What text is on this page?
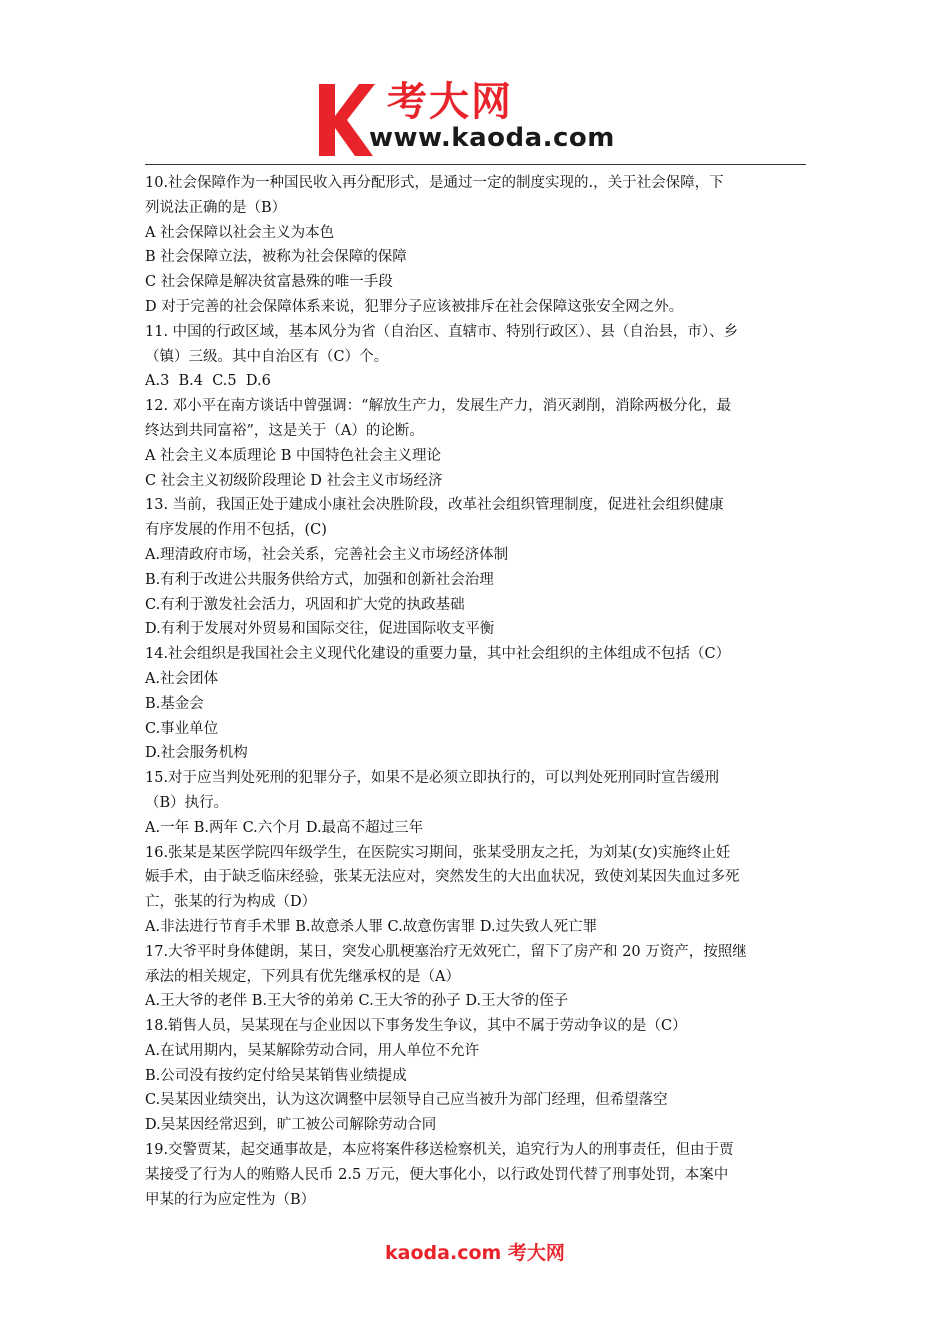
考大网
www.kaoda.com
10.社会保障作为一种国民收入再分配形式，是通过一定的制度实现的.，关于社会保障，下
列说法正确的是（B）
A 社会保障以社会主义为本色
B 社会保障立法，被称为社会保障的保障
C 社会保障是解决贫富悬殊的唯一手段
D 对于完善的社会保障体系来说，犯罪分子应该被排斥在社会保障这张安全网之外。
11. 中国的行政区域，基本风分为省（自治区、直辖市、特别行政区）、县（自治县，市）、乡
（镇）三级。其中自治区有（C）个。
A.3  B.4  C.5  D.6
12. 邓小平在南方谈话中曾强调：“解放生产力，发展生产力，消灭剥削，消除两极分化，最
终达到共同富裕”，这是关于（A）的论断。
A 社会主义本质理论 B 中国特色社会主义理论
C 社会主义初级阶段理论 D 社会主义市场经济
13. 当前，我国正处于建成小康社会决胜阶段，改革社会组织管理制度，促进社会组织健康
有序发展的作用不包括，(C)
A.理清政府市场，社会关系，完善社会主义市场经济体制
B.有利于改进公共服务供给方式，加强和创新社会治理
C.有利于激发社会活力，巩固和扩大党的执政基础
D.有利于发展对外贸易和国际交往，促进国际收支平衡
14.社会组织是我国社会主义现代化建设的重要力量，其中社会组织的主体组成不包括（C）
A.社会团体
B.基金会
C.事业单位
D.社会服务机构
15.对于应当判处死刑的犯罪分子，如果不是必须立即执行的，可以判处死刑同时宣告缓刑
（B）执行。
A.一年 B.两年 C.六个月 D.最高不超过三年
16.张某是某医学院四年级学生，在医院实习期间，张某受朋友之托，为刘某(女)实施终止妊
娠手术，由于缺乏临床经验，张某无法应对，突然发生的大出血状况，致使刘某因失血过多死
亡，张某的行为构成（D）
A.非法进行节育手术罪 B.故意杀人罪 C.故意伤害罪 D.过失致人死亡罪
17.大爷平时身体健朗，某日，突发心肌梗塞治疗无效死亡，留下了房产和 20 万资产，按照继
承法的相关规定，下列具有优先继承权的是（A）
A.王大爷的老伴 B.王大爷的弟弟 C.王大爷的孙子 D.王大爷的侄子
18.销售人员，吴某现在与企业因以下事务发生争议，其中不属于劳动争议的是（C）
A.在试用期内，吴某解除劳动合同，用人单位不允许
B.公司没有按约定付给吴某销售业绩提成
C.吴某因业绩突出，认为这次调整中层领导自己应当被升为部门经理，但希望落空
D.吴某因经常迟到，旷工被公司解除劳动合同
19.交警贾某，起交通事故是，本应将案件移送检察机关，追究行为人的刑事责任，但由于贾
某接受了行为人的贿赂人民币 2.5 万元，便大事化小，以行政处罚代替了刑事处罚，本案中
甲某的行为应定性为（B）
kaoda.com 考大网
